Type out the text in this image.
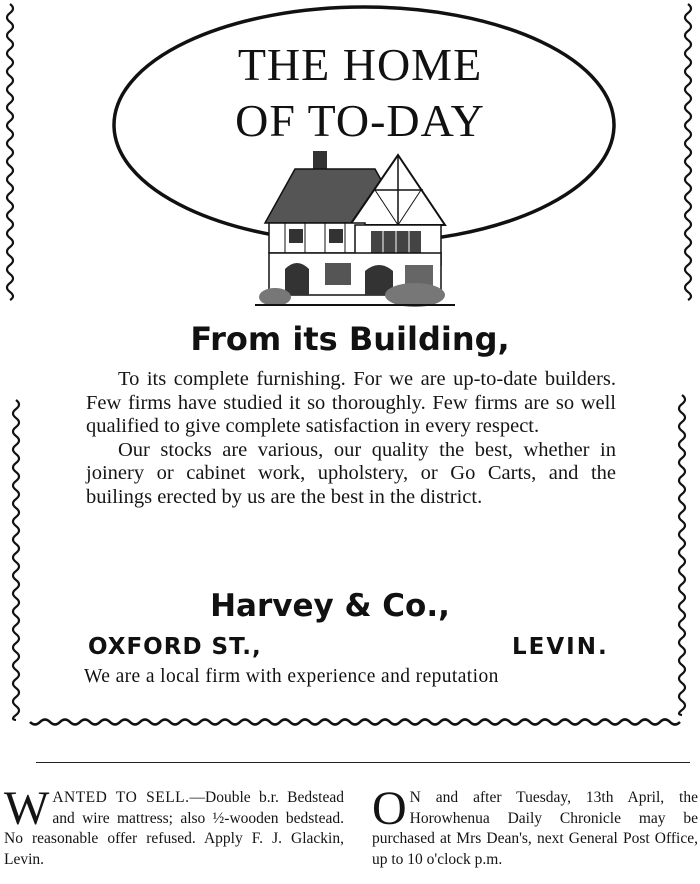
THE HOME
OF TO-DAY
From its Building,

To its complete furnishing. For we are up-to-date builders. Few firms have studied it so thoroughly. Few firms are so well qualified to give complete satisfaction in every respect.

Our stocks are various, our quality the best, whether in joinery or cabinet work, upholstery, or Go Carts, and the builings erected by us are the best in the district.

Harvey & Co.,
OXFORD ST.,	LEVIN.
We are a local firm with experience and reputation
W ANTED TO SELL.—Double b.r. Bedstead and wire mattress; also ½-wooden bedstead. No reasonable offer refused. Apply F. J. Glackin, Levin.
O N and after Tuesday, 13th April, the Horowhenua Daily Chronicle may be purchased at Mrs Dean's, next General Post Office, up to 10 o'clock p.m.
